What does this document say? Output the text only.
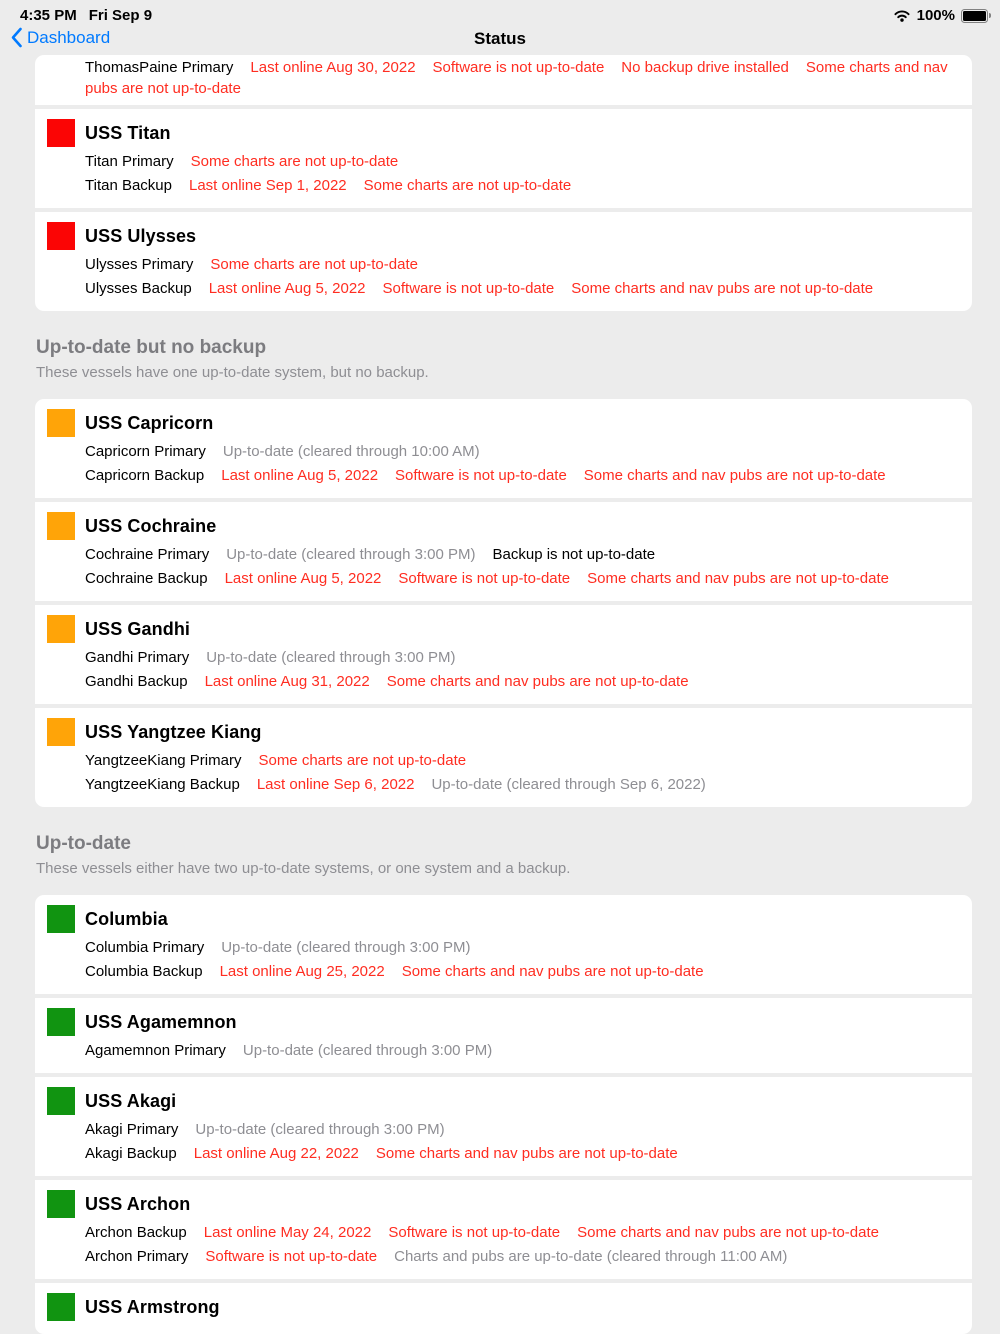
4:35 PM Fri Sep 9	100%
Dashboard	Status
ThomasPaine Primary Last online Aug 30, 2022 Software is not up-to-date No backup drive installed Some charts and nav pubs are not up-to-date
USS Titan
Titan Primary Some charts are not up-to-date
Titan Backup Last online Sep 1, 2022 Some charts are not up-to-date
USS Ulysses
Ulysses Primary Some charts are not up-to-date
Ulysses Backup Last online Aug 5, 2022 Software is not up-to-date Some charts and nav pubs are not up-to-date
Up-to-date but no backup
These vessels have one up-to-date system, but no backup.
USS Capricorn
Capricorn Primary Up-to-date (cleared through 10:00 AM)
Capricorn Backup Last online Aug 5, 2022 Software is not up-to-date Some charts and nav pubs are not up-to-date
USS Cochraine
Cochraine Primary Up-to-date (cleared through 3:00 PM) Backup is not up-to-date
Cochraine Backup Last online Aug 5, 2022 Software is not up-to-date Some charts and nav pubs are not up-to-date
USS Gandhi
Gandhi Primary Up-to-date (cleared through 3:00 PM)
Gandhi Backup Last online Aug 31, 2022 Some charts and nav pubs are not up-to-date
USS Yangtzee Kiang
YangtzeeKiang Primary Some charts are not up-to-date
YangtzeeKiang Backup Last online Sep 6, 2022 Up-to-date (cleared through Sep 6, 2022)
Up-to-date
These vessels either have two up-to-date systems, or one system and a backup.
Columbia
Columbia Primary Up-to-date (cleared through 3:00 PM)
Columbia Backup Last online Aug 25, 2022 Some charts and nav pubs are not up-to-date
USS Agamemnon
Agamemnon Primary Up-to-date (cleared through 3:00 PM)
USS Akagi
Akagi Primary Up-to-date (cleared through 3:00 PM)
Akagi Backup Last online Aug 22, 2022 Some charts and nav pubs are not up-to-date
USS Archon
Archon Backup Last online May 24, 2022 Software is not up-to-date Some charts and nav pubs are not up-to-date
Archon Primary Software is not up-to-date Charts and pubs are up-to-date (cleared through 11:00 AM)
USS Armstrong
